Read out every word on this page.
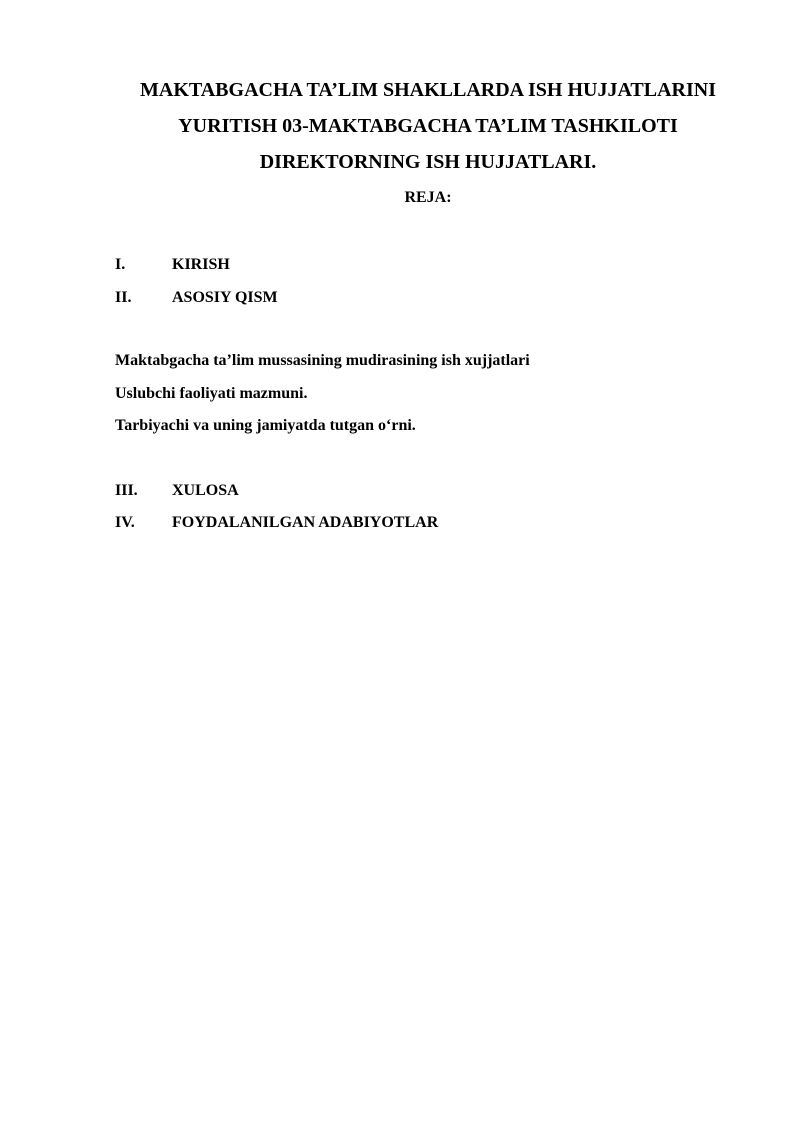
MAKTABGACHA TA’LIM SHAKLLARDA ISH HUJJATLARINI
YURITISH 03-MAKTABGACHA TA’LIM TASHKILOTI
DIREKTORNING ISH HUJJATLARI.
REJA:
I.	KIRISH
II.	ASOSIY QISM
Maktabgacha ta’lim mussasining mudirasining ish xujjatlari
Uslubchi faoliyati mazmuni.
Tarbiyachi va uning jamiyatda tutgan o‘rni.
III. XULOSA
IV. FOYDALANILGAN ADABIYOTLAR
